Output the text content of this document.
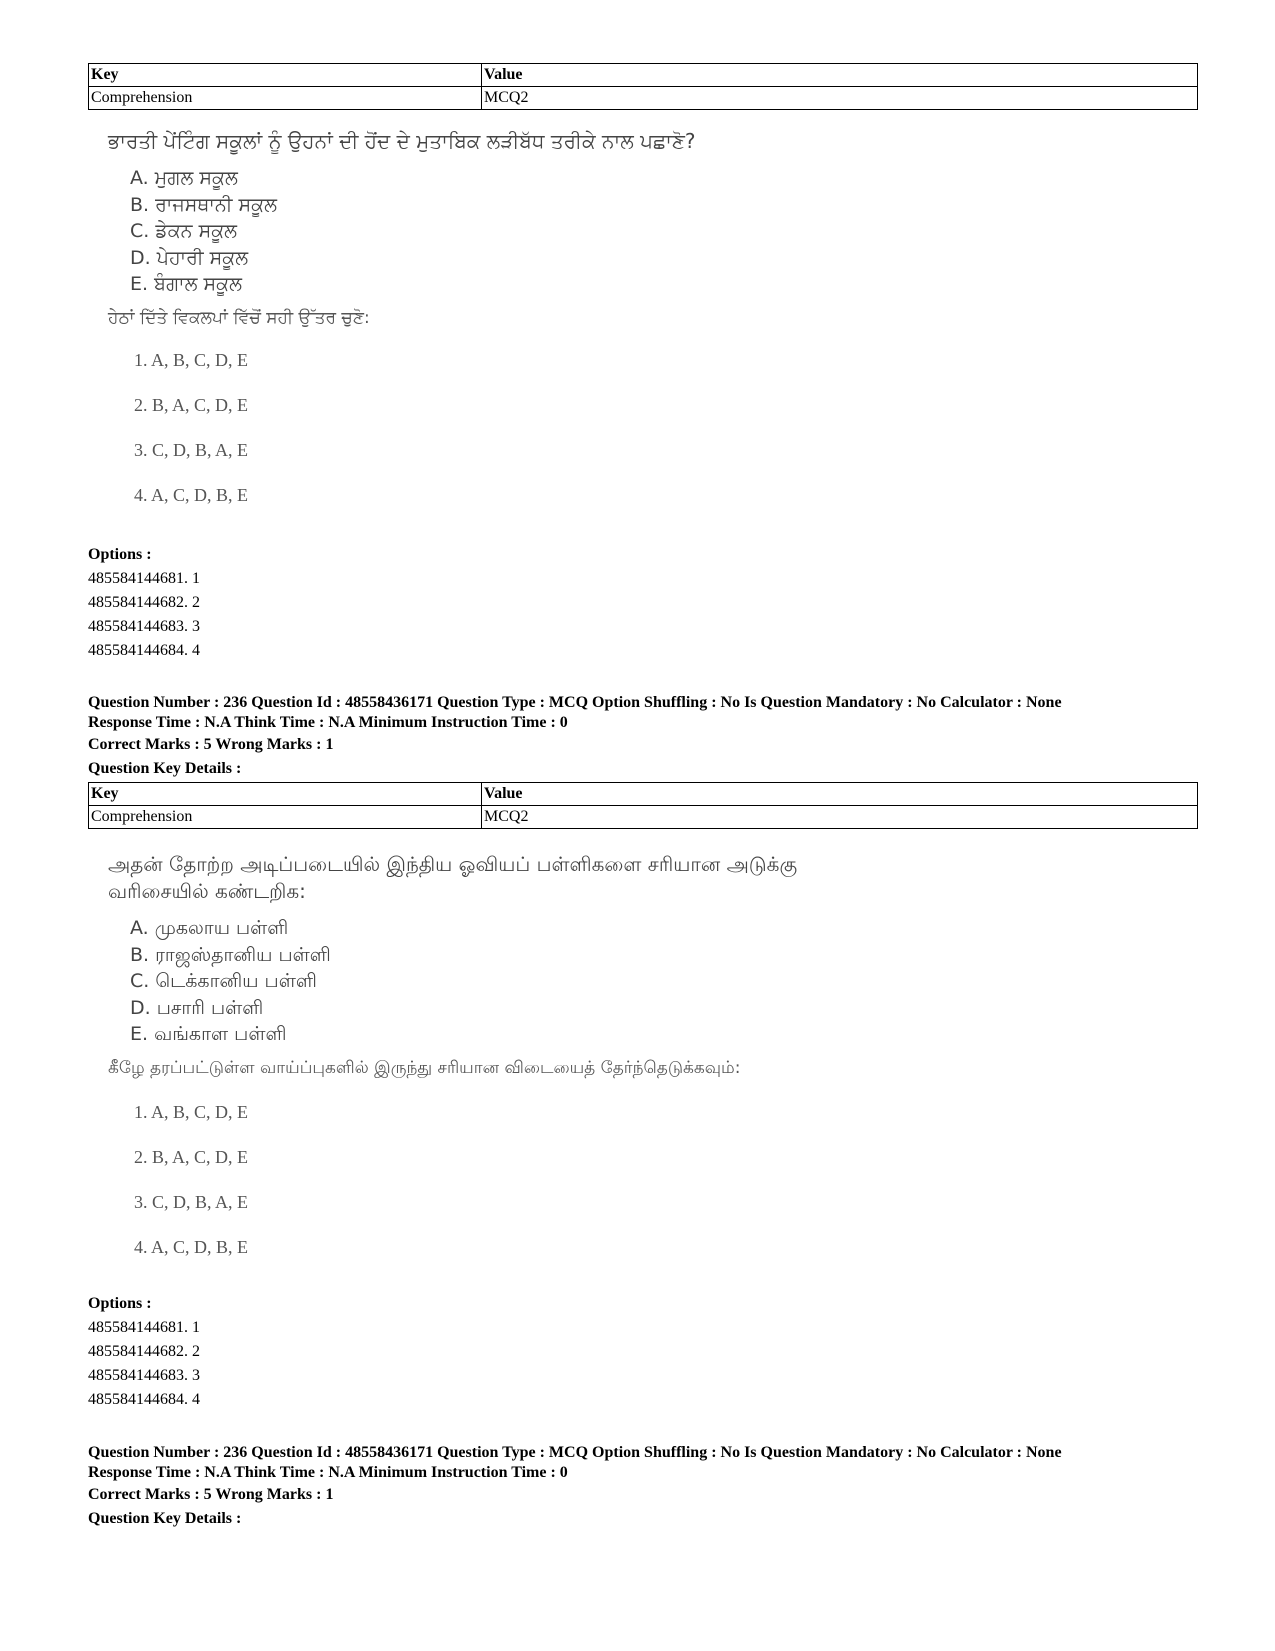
Key	Value
Comprehension	MCQ2
ਭਾਰਤੀ ਪੇਂਟਿੰਗ ਸਕੂਲਾਂ ਨੂੰ ਉਹਨਾਂ ਦੀ ਹੋਂਦ ਦੇ ਮੁਤਾਬਿਕ ਲੜੀਬੱਧ ਤਰੀਕੇ ਨਾਲ ਪਛਾਣੋ?
A. ਮੁਗਲ ਸਕੂਲ
B. ਰਾਜਸਥਾਨੀ ਸਕੂਲ
C. ਡੇਕਨ ਸਕੂਲ
D. ਪੇਹਾਰੀ ਸਕੂਲ
E. ਬੰਗਾਲ ਸਕੂਲ
ਹੇਠਾਂ ਦਿੱਤੇ ਵਿਕਲਪਾਂ ਵਿੱਚੋਂ ਸਹੀ ਉੱਤਰ ਚੁਣੋ:
1. A, B, C, D, E
2. B, A, C, D, E
3. C, D, B, A, E
4. A, C, D, B, E
Options :
485584144681. 1
485584144682. 2
485584144683. 3
485584144684. 4
Question Number : 236 Question Id : 48558436171 Question Type : MCQ Option Shuffling : No Is Question Mandatory : No Calculator : None
Response Time : N.A Think Time : N.A Minimum Instruction Time : 0
Correct Marks : 5 Wrong Marks : 1
Question Key Details :
Key	Value
Comprehension	MCQ2
அதன் தோற்ற அடிப்படையில் இந்திய ஓவியப் பள்ளிகளை சரியான அடுக்கு
வரிசையில் கண்டறிக:
A. முகலாய பள்ளி
B. ராஜஸ்தானிய பள்ளி
C. டெக்கானிய பள்ளி
D. பசாரி பள்ளி
E. வங்காள பள்ளி
கீழே தரப்பட்டுள்ள வாய்ப்புகளில் இருந்து சரியான விடையைத் தேர்ந்தெடுக்கவும்:
1. A, B, C, D, E
2. B, A, C, D, E
3. C, D, B, A, E
4. A, C, D, B, E
Options :
485584144681. 1
485584144682. 2
485584144683. 3
485584144684. 4
Question Number : 236 Question Id : 48558436171 Question Type : MCQ Option Shuffling : No Is Question Mandatory : No Calculator : None
Response Time : N.A Think Time : N.A Minimum Instruction Time : 0
Correct Marks : 5 Wrong Marks : 1
Question Key Details :
